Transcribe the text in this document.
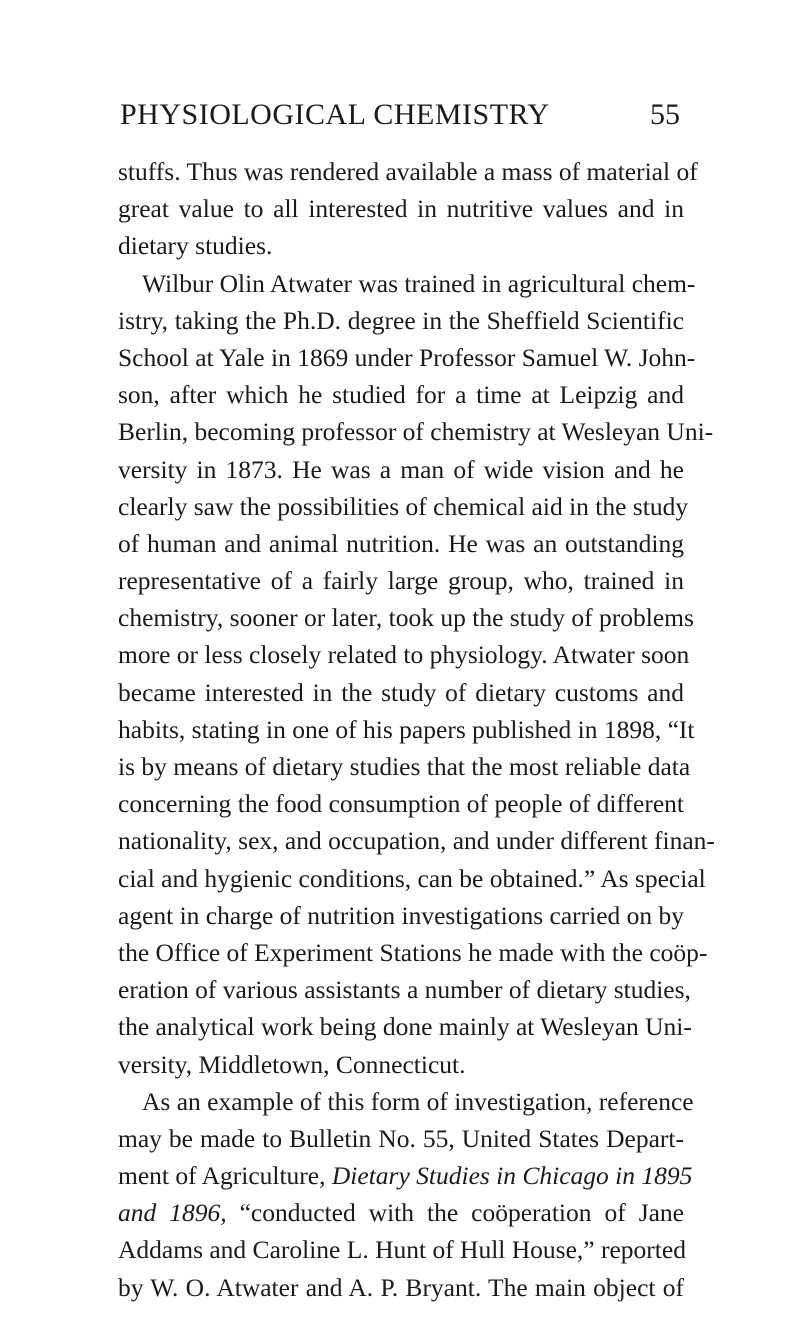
PHYSIOLOGICAL CHEMISTRY	55
stuffs. Thus was rendered available a mass of material of
great value to all interested in nutritive values and in
dietary studies.
Wilbur Olin Atwater was trained in agricultural chem-
istry, taking the Ph.D. degree in the Sheffield Scientific
School at Yale in 1869 under Professor Samuel W. John-
son, after which he studied for a time at Leipzig and
Berlin, becoming professor of chemistry at Wesleyan Uni-
versity in 1873. He was a man of wide vision and he
clearly saw the possibilities of chemical aid in the study
of human and animal nutrition. He was an outstanding
representative of a fairly large group, who, trained in
chemistry, sooner or later, took up the study of problems
more or less closely related to physiology. Atwater soon
became interested in the study of dietary customs and
habits, stating in one of his papers published in 1898, “It
is by means of dietary studies that the most reliable data
concerning the food consumption of people of different
nationality, sex, and occupation, and under different finan-
cial and hygienic conditions, can be obtained.” As special
agent in charge of nutrition investigations carried on by
the Office of Experiment Stations he made with the coöp-
eration of various assistants a number of dietary studies,
the analytical work being done mainly at Wesleyan Uni-
versity, Middletown, Connecticut.
As an example of this form of investigation, reference
may be made to Bulletin No. 55, United States Depart-
ment of Agriculture, Dietary Studies in Chicago in 1895
and 1896, “conducted with the coöperation of Jane
Addams and Caroline L. Hunt of Hull House,” reported
by W. O. Atwater and A. P. Bryant. The main object of
